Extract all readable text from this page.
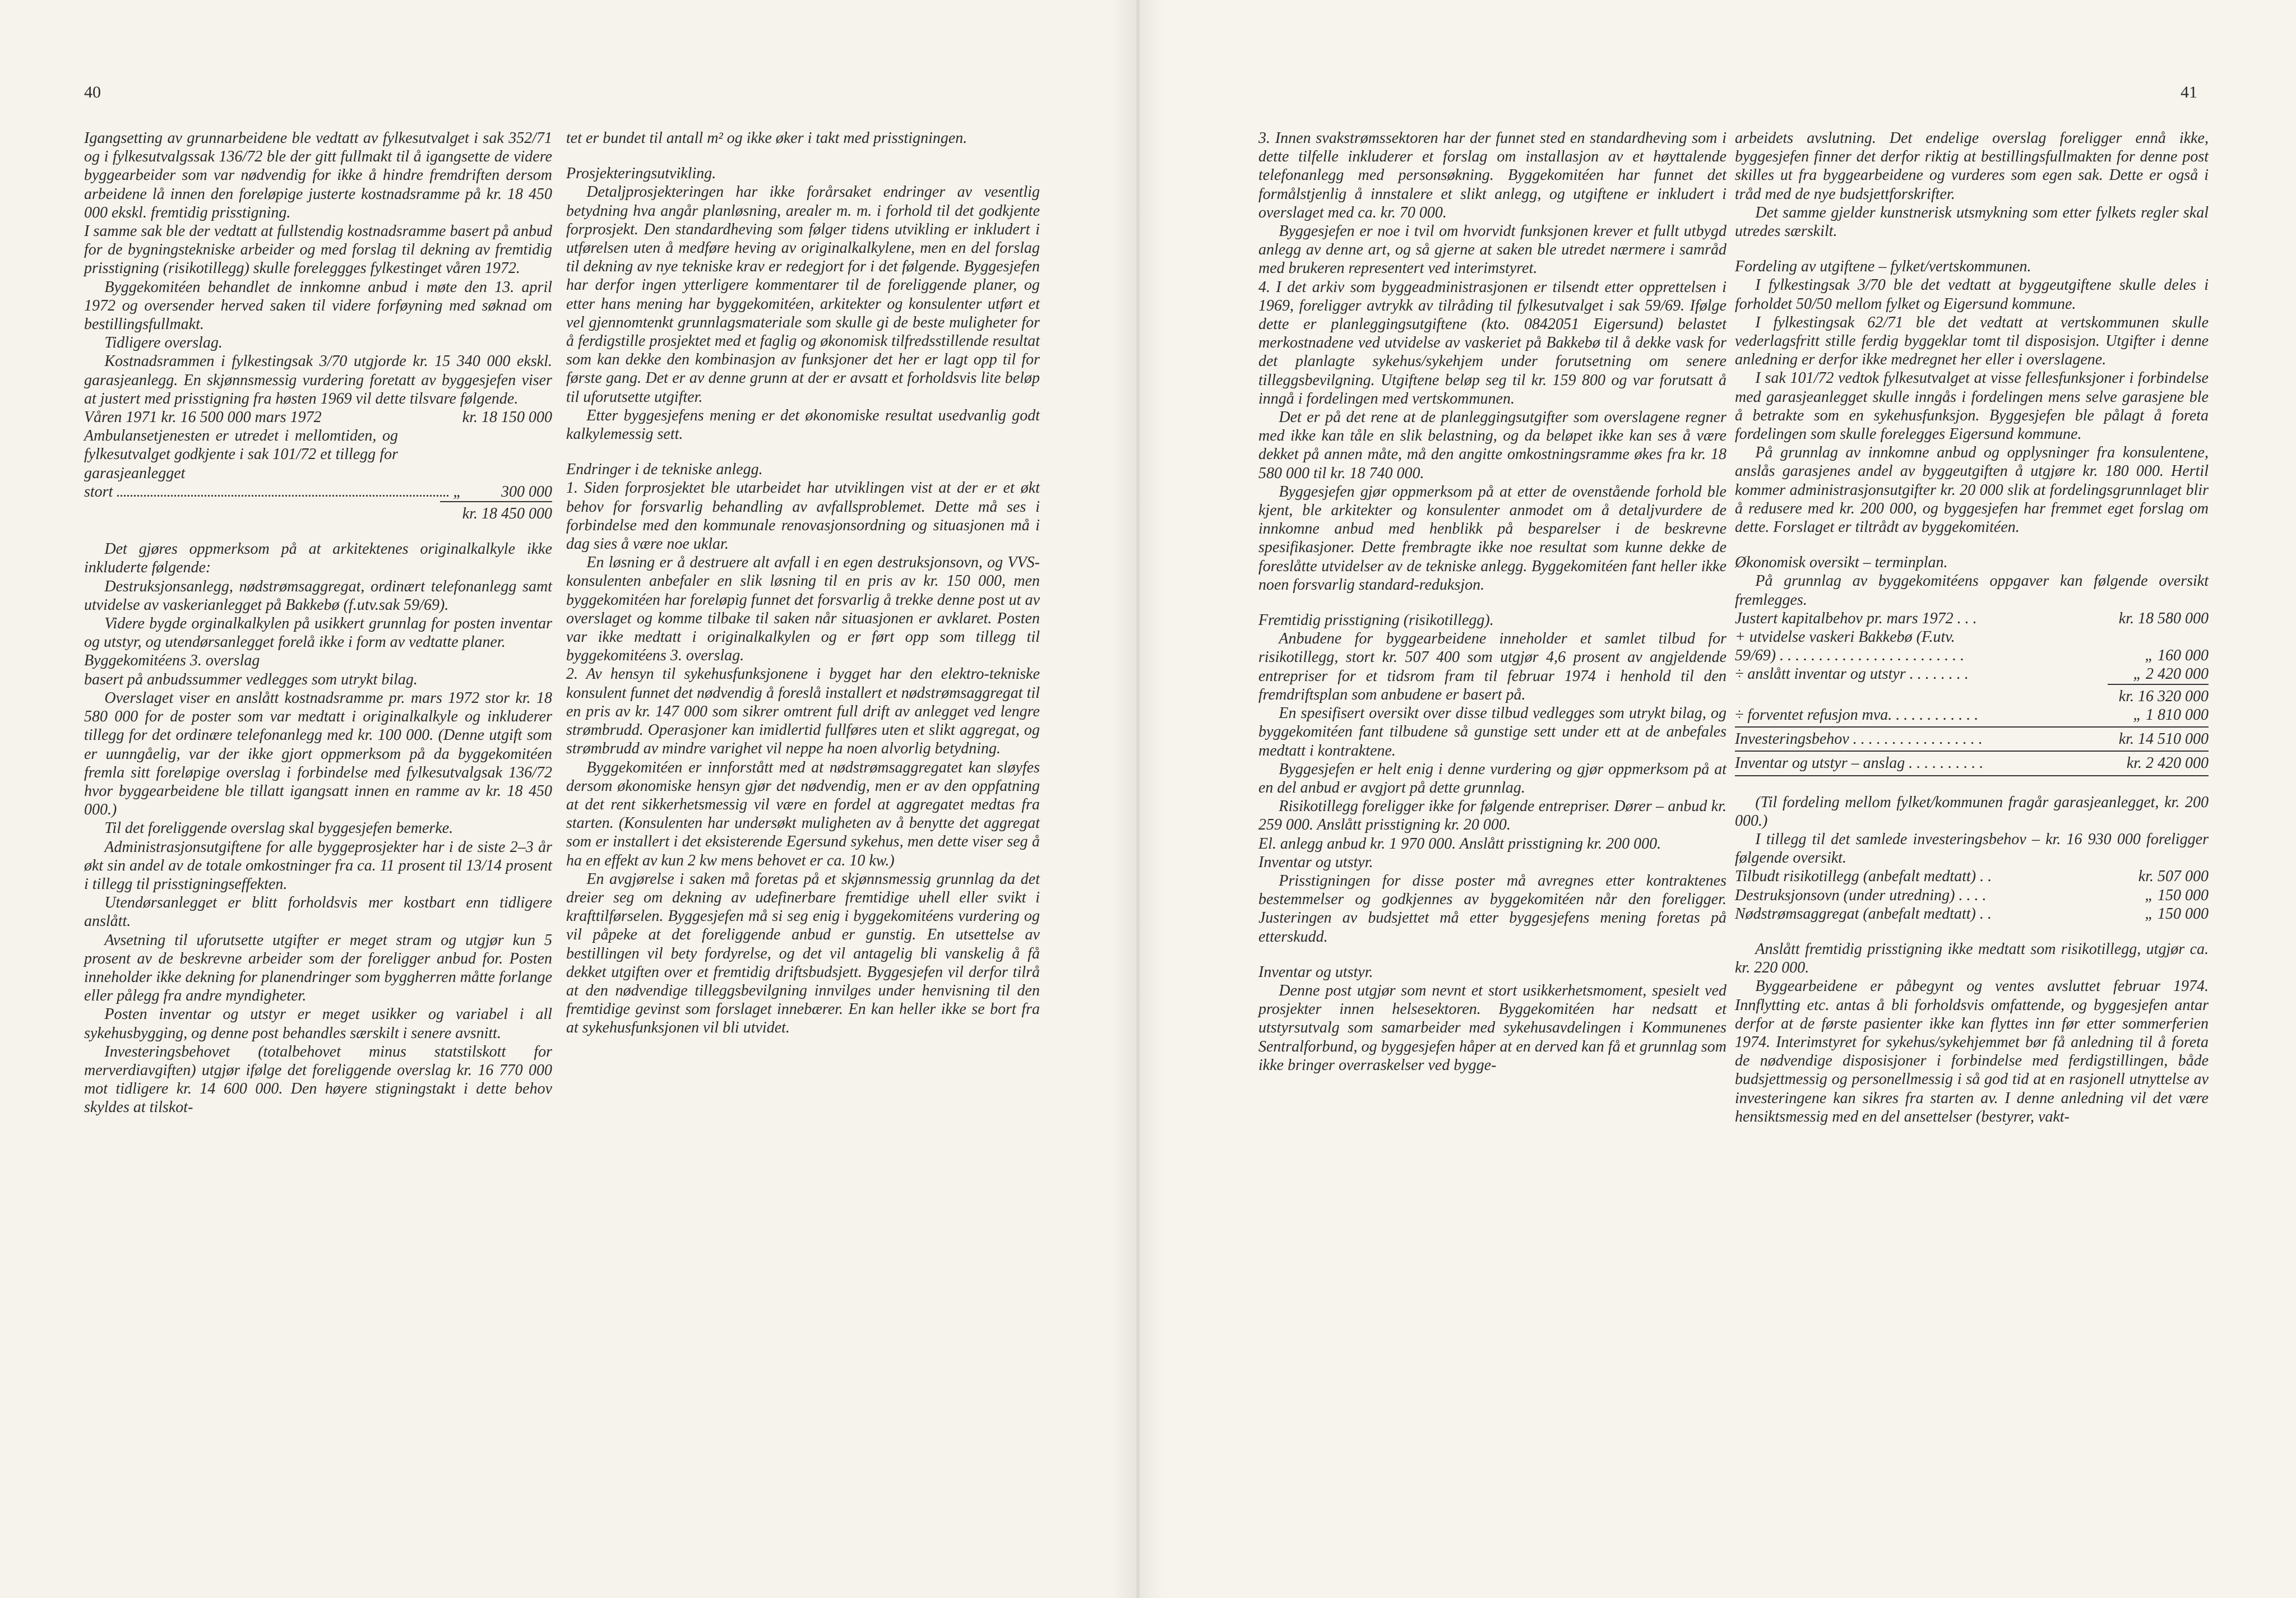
40

Igangsetting av grunnarbeidene ble vedtatt av fylkesutvalget i sak 352/71 og i fylkesutvalgssak 136/72 ble der gitt fullmakt til å igangsette de videre byggearbeider som var nødvendig for ikke å hindre fremdriften dersom arbeidene lå innen den foreløpige justerte kostnadsramme på kr. 18 450 000 ekskl. fremtidig prisstigning.

I samme sak ble der vedtatt at fullstendig kostnadsramme basert på anbud for de bygningstekniske arbeider og med forslag til dekning av fremtidig prisstigning (risikotillegg) skulle foreleggges fylkestinget våren 1972.

Byggekomitéen behandlet de innkomne anbud i møte den 13. april 1972 og oversender herved saken til videre forføyning med søknad om bestillingsfullmakt.

Tidligere overslag.

Kostnadsrammen i fylkestingsak 3/70 utgjorde kr. 15 340 000 ekskl. garasjeanlegg. En skjønnsmessig vurdering foretatt av byggesjefen viser at justert med prisstigning fra høsten 1969 vil dette tilsvare følgende.

Våren 1971 kr. 16 500 000 mars 1972	kr. 18 150 000

Ambulansetjenesten er utredet i mellomtiden, og fylkesutvalget godkjente i sak 101/72 et tillegg for garasjeanlegget

stort	„	300 000
kr. 18 450 000

Det gjøres oppmerksom på at arkitektenes originalkalkyle ikke inkluderte følgende:

Destruksjonsanlegg, nødstrømsaggregat, ordinært telefonanlegg samt utvidelse av vaskerianlegget på Bakkebø (f.utv.sak 59/69).

Videre bygde orginalkalkylen på usikkert grunnlag for posten inventar og utstyr, og utendørsanlegget forelå ikke i form av vedtatte planer.

Byggekomitéens 3. overslag

basert på anbudssummer vedlegges som utrykt bilag.

Overslaget viser en anslått kostnadsramme pr. mars 1972 stor kr. 18 580 000 for de poster som var medtatt i originalkalkyle og inkluderer tillegg for det ordinære telefonanlegg med kr. 100 000. (Denne utgift som er uunngåelig, var der ikke gjort oppmerksom på da byggekomitéen fremla sitt foreløpige overslag i forbindelse med fylkesutvalgsak 136/72 hvor byggearbeidene ble tillatt igangsatt innen en ramme av kr. 18 450 000.)

Til det foreliggende overslag skal byggesjefen bemerke.

Administrasjonsutgiftene for alle byggeprosjekter har i de siste 2–3 år økt sin andel av de totale omkostninger fra ca. 11 prosent til 13/14 prosent i tillegg til prisstigningseffekten.

Utendørsanlegget er blitt forholdsvis mer kostbart enn tidligere anslått.

Avsetning til uforutsette utgifter er meget stram og utgjør kun 5 prosent av de beskrevne arbeider som der foreligger anbud for. Posten inneholder ikke dekning for planendringer som byggherren måtte forlange eller pålegg fra andre myndigheter.

Posten inventar og utstyr er meget usikker og variabel i all sykehusbygging, og denne post behandles særskilt i senere avsnitt.

Investeringsbehovet (totalbehovet minus statstilskott for merverdiavgiften) utgjør ifølge det foreliggende overslag kr. 16 770 000 mot tidligere kr. 14 600 000. Den høyere stigningstakt i dette behov skyldes at tilskot-

tet er bundet til antall m² og ikke øker i takt med prisstigningen.

Prosjekteringsutvikling.

Detaljprosjekteringen har ikke forårsaket endringer av vesentlig betydning hva angår planløsning, arealer m. m. i forhold til det godkjente forprosjekt. Den standardheving som følger tidens utvikling er inkludert i utførelsen uten å medføre heving av originalkalkylene, men en del forslag til dekning av nye tekniske krav er redegjort for i det følgende. Byggesjefen har derfor ingen ytterligere kommentarer til de foreliggende planer, og etter hans mening har byggekomitéen, arkitekter og konsulenter utført et vel gjennomtenkt grunnlagsmateriale som skulle gi de beste muligheter for å ferdigstille prosjektet med et faglig og økonomisk tilfredsstillende resultat som kan dekke den kombinasjon av funksjoner det her er lagt opp til for første gang. Det er av denne grunn at der er avsatt et forholdsvis lite beløp til uforutsette utgifter.

Etter byggesjefens mening er det økonomiske resultat usedvanlig godt kalkylemessig sett.

Endringer i de tekniske anlegg.

1. Siden forprosjektet ble utarbeidet har utviklingen vist at der er et økt behov for forsvarlig behandling av avfallsproblemet. Dette må ses i forbindelse med den kommunale renovasjonsordning og situasjonen må i dag sies å være noe uklar.

En løsning er å destruere alt avfall i en egen destruksjonsovn, og VVS-konsulenten anbefaler en slik løsning til en pris av kr. 150 000, men byggekomitéen har foreløpig funnet det forsvarlig å trekke denne post ut av overslaget og komme tilbake til saken når situasjonen er avklaret. Posten var ikke medtatt i originalkalkylen og er ført opp som tillegg til byggekomitéens 3. overslag.

2. Av hensyn til sykehusfunksjonene i bygget har den elektro-tekniske konsulent funnet det nødvendig å foreslå installert et nødstrømsaggregat til en pris av kr. 147 000 som sikrer omtrent full drift av anlegget ved lengre strømbrudd. Operasjoner kan imidlertid fullføres uten et slikt aggregat, og strømbrudd av mindre varighet vil neppe ha noen alvorlig betydning.

Byggekomitéen er innforstått med at nødstrømsaggregatet kan sløyfes dersom økonomiske hensyn gjør det nødvendig, men er av den oppfatning at det rent sikkerhetsmessig vil være en fordel at aggregatet medtas fra starten. (Konsulenten har undersøkt muligheten av å benytte det aggregat som er installert i det eksisterende Egersund sykehus, men dette viser seg å ha en effekt av kun 2 kw mens behovet er ca. 10 kw.)

En avgjørelse i saken må foretas på et skjønnsmessig grunnlag da det dreier seg om dekning av udefinerbare fremtidige uhell eller svikt i krafttilførselen. Byggesjefen må si seg enig i byggekomitéens vurdering og vil påpeke at det foreliggende anbud er gunstig. En utsettelse av bestillingen vil bety fordyrelse, og det vil antagelig bli vanskelig å få dekket utgiften over et fremtidig driftsbudsjett. Byggesjefen vil derfor tilrå at den nødvendige tilleggsbevilgning innvilges under henvisning til den fremtidige gevinst som forslaget innebærer. En kan heller ikke se bort fra at sykehusfunksjonen vil bli utvidet.

41

3. Innen svakstrømssektoren har der funnet sted en standardheving som i dette tilfelle inkluderer et forslag om installasjon av et høyttalende telefonanlegg med personsøkning. Byggekomitéen har funnet det formålstjenlig å innstalere et slikt anlegg, og utgiftene er inkludert i overslaget med ca. kr. 70 000.

Byggesjefen er noe i tvil om hvorvidt funksjonen krever et fullt utbygd anlegg av denne art, og så gjerne at saken ble utredet nærmere i samråd med brukeren representert ved interimstyret.

4. I det arkiv som byggeadministrasjonen er tilsendt etter opprettelsen i 1969, foreligger avtrykk av tilråding til fylkesutvalget i sak 59/69. Ifølge dette er planleggingsutgiftene (kto. 0842051 Eigersund) belastet merkostnadene ved utvidelse av vaskeriet på Bakkebø til å dekke vask for det planlagte sykehus/sykehjem under forutsetning om senere tilleggsbevilgning. Utgiftene beløp seg til kr. 159 800 og var forutsatt å inngå i fordelingen med vertskommunen.

Det er på det rene at de planleggingsutgifter som overslagene regner med ikke kan tåle en slik belastning, og da beløpet ikke kan ses å være dekket på annen måte, må den angitte omkostningsramme økes fra kr. 18 580 000 til kr. 18 740 000.

Byggesjefen gjør oppmerksom på at etter de ovenstående forhold ble kjent, ble arkitekter og konsulenter anmodet om å detaljvurdere de innkomne anbud med henblikk på besparelser i de beskrevne spesifikasjoner. Dette frembragte ikke noe resultat som kunne dekke de foreslåtte utvidelser av de tekniske anlegg. Byggekomitéen fant heller ikke noen forsvarlig standard-reduksjon.

Fremtidig prisstigning (risikotillegg).

Anbudene for byggearbeidene inneholder et samlet tilbud for risikotillegg, stort kr. 507 400 som utgjør 4,6 prosent av angjeldende entrepriser for et tidsrom fram til februar 1974 i henhold til den fremdriftsplan som anbudene er basert på.

En spesifisert oversikt over disse tilbud vedlegges som utrykt bilag, og byggekomitéen fant tilbudene så gunstige sett under ett at de anbefales medtatt i kontraktene.

Byggesjefen er helt enig i denne vurdering og gjør oppmerksom på at en del anbud er avgjort på dette grunnlag.

Risikotillegg foreligger ikke for følgende entrepriser. Dører – anbud kr. 259 000. Anslått prisstigning kr. 20 000.

El. anlegg anbud kr. 1 970 000. Anslått prisstigning kr. 200 000.

Inventar og utstyr.

Prisstigningen for disse poster må avregnes etter kontraktenes bestemmelser og godkjennes av byggekomitéen når den foreligger. Justeringen av budsjettet må etter byggesjefens mening foretas på etterskudd.

Inventar og utstyr.

Denne post utgjør som nevnt et stort usikkerhetsmoment, spesielt ved prosjekter innen helsesektoren. Byggekomitéen har nedsatt et utstyrsutvalg som samarbeider med sykehusavdelingen i Kommunenes Sentralforbund, og byggesjefen håper at en derved kan få et grunnlag som ikke bringer overraskelser ved bygge-

arbeidets avslutning. Det endelige overslag foreligger ennå ikke, byggesjefen finner det derfor riktig at bestillingsfullmakten for denne post skilles ut fra byggearbeidene og vurderes som egen sak. Dette er også i tråd med de nye budsjettforskrifter.

Det samme gjelder kunstnerisk utsmykning som etter fylkets regler skal utredes særskilt.

Fordeling av utgiftene – fylket/vertskommunen.

I fylkestingsak 3/70 ble det vedtatt at byggeutgiftene skulle deles i forholdet 50/50 mellom fylket og Eigersund kommune.

I fylkestingsak 62/71 ble det vedtatt at vertskommunen skulle vederlagsfritt stille ferdig byggeklar tomt til disposisjon. Utgifter i denne anledning er derfor ikke medregnet her eller i overslagene.

I sak 101/72 vedtok fylkesutvalget at visse fellesfunksjoner i forbindelse med garasjeanlegget skulle inngås i fordelingen mens selve garasjene ble å betrakte som en sykehusfunksjon. Byggesjefen ble pålagt å foreta fordelingen som skulle forelegges Eigersund kommune.

På grunnlag av innkomne anbud og opplysninger fra konsulentene, anslås garasjenes andel av byggeutgiften å utgjøre kr. 180 000. Hertil kommer administrasjonsutgifter kr. 20 000 slik at fordelingsgrunnlaget blir å redusere med kr. 200 000, og byggesjefen har fremmet eget forslag om dette. Forslaget er tiltrådt av byggekomitéen.

Økonomisk oversikt – terminplan.

På grunnlag av byggekomitéens oppgaver kan følgende oversikt fremlegges.

Justert kapitalbehov pr. mars 1972 . . .	kr. 18 580 000
+ utvidelse vaskeri Bakkebø (F.utv.
59/69) . . . . . . . . . . . . . . . . . . . . . . . .	„ 160 000
÷ anslått inventar og utstyr . . . . . . . .	„ 2 420 000
kr. 16 320 000
÷ forventet refusjon mva. . . . . . . . . . . .	„ 1 810 000
Investeringsbehov . . . . . . . . . . . . . . . . .	kr. 14 510 000
Inventar og utstyr – anslag . . . . . . . . . .	kr. 2 420 000

(Til fordeling mellom fylket/kommunen fragår garasjeanlegget, kr. 200 000.)

I tillegg til det samlede investeringsbehov – kr. 16 930 000 foreligger følgende oversikt.

Tilbudt risikotillegg (anbefalt medtatt) . .	kr. 507 000
Destruksjonsovn (under utredning) . . . .	„ 150 000
Nødstrømsaggregat (anbefalt medtatt) . .	„ 150 000

Anslått fremtidig prisstigning ikke medtatt som risikotillegg, utgjør ca. kr. 220 000.

Byggearbeidene er påbegynt og ventes avsluttet februar 1974. Innflytting etc. antas å bli forholdsvis omfattende, og byggesjefen antar derfor at de første pasienter ikke kan flyttes inn før etter sommerferien 1974. Interimstyret for sykehus/sykehjemmet bør få anledning til å foreta de nødvendige disposisjoner i forbindelse med ferdigstillingen, både budsjettmessig og personellmessig i så god tid at en rasjonell utnyttelse av investeringene kan sikres fra starten av. I denne anledning vil det være hensiktsmessig med en del ansettelser (bestyrer, vakt-
